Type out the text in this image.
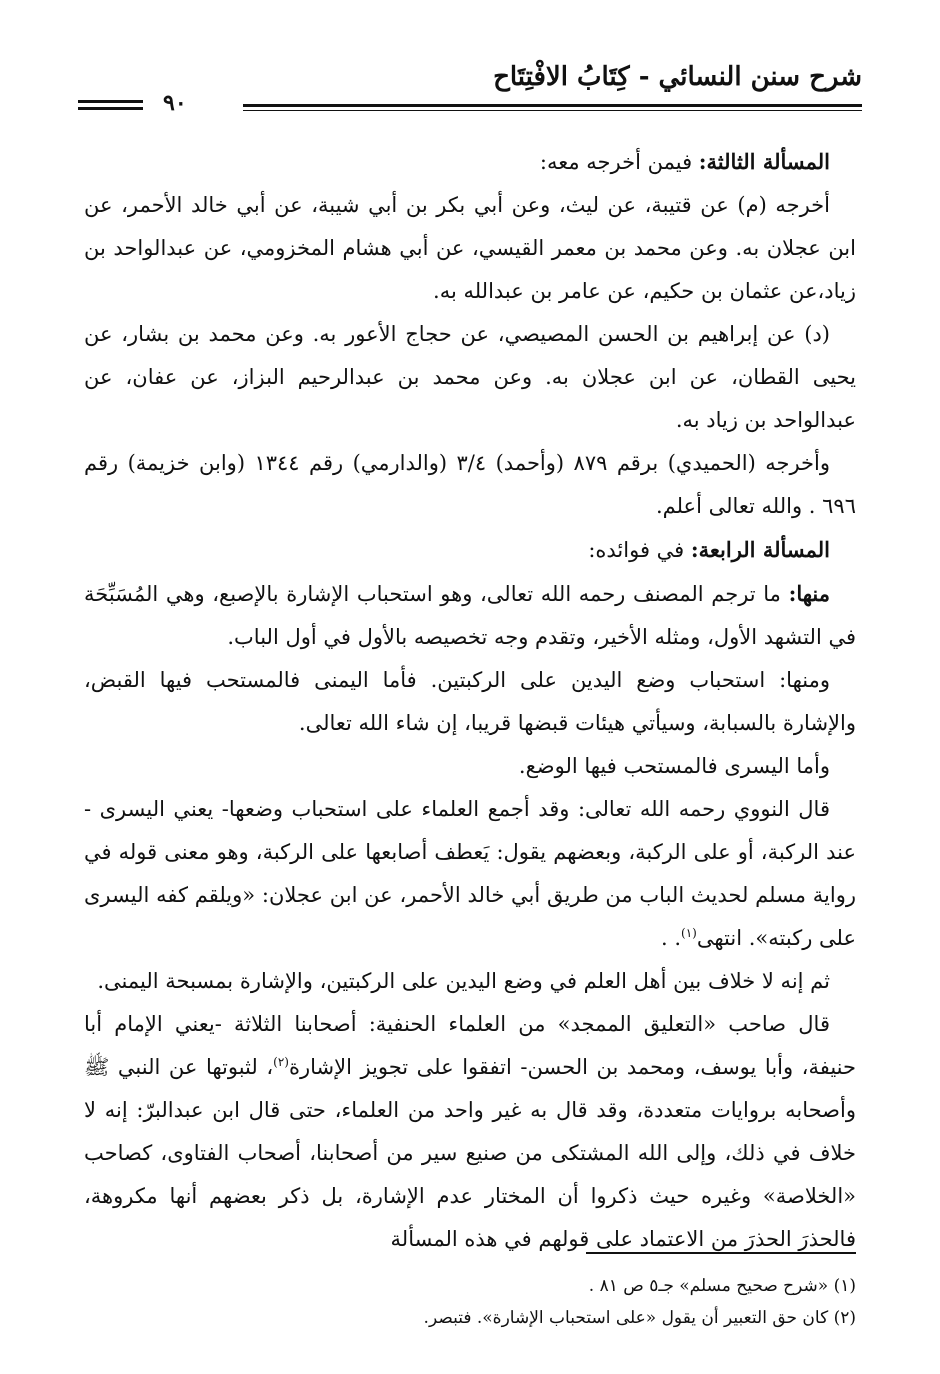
شرح سنن النسائي - كِتَابُ الافْتِتَاح
٩٠

المسألة الثالثة: فيمن أخرجه معه:

أخرجه (م) عن قتيبة، عن ليث، وعن أبي بكر بن أبي شيبة، عن أبي خالد الأحمر، عن ابن عجلان به. وعن محمد بن معمر القيسي، عن أبي هشام المخزومي، عن عبدالواحد بن زياد،عن عثمان بن حكيم، عن عامر بن عبدالله به.

(د) عن إبراهيم بن الحسن المصيصي، عن حجاج الأعور به. وعن محمد بن بشار، عن يحيى القطان، عن ابن عجلان به. وعن محمد بن عبدالرحيم البزاز، عن عفان، عن عبدالواحد بن زياد به.

وأخرجه (الحميدي) برقم ٨٧٩ (وأحمد) ٣/٤ (والدارمي) رقم ١٣٤٤ (وابن خزيمة) رقم ٦٩٦ . والله تعالى أعلم.

المسألة الرابعة: في فوائده:

منها: ما ترجم المصنف رحمه الله تعالى، وهو استحباب الإشارة بالإصبع، وهي المُسَبِّحَة في التشهد الأول، ومثله الأخير، وتقدم وجه تخصيصه بالأول في أول الباب.

ومنها: استحباب وضع اليدين على الركبتين. فأما اليمنى فالمستحب فيها القبض، والإشارة بالسبابة، وسيأتي هيئات قبضها قريبا، إن شاء الله تعالى.

وأما اليسرى فالمستحب فيها الوضع.

قال النووي رحمه الله تعالى: وقد أجمع العلماء على استحباب وضعها- يعني اليسرى - عند الركبة، أو على الركبة، وبعضهم يقول: يَعطف أصابعها على الركبة، وهو معنى قوله في رواية مسلم لحديث الباب من طريق أبي خالد الأحمر، عن ابن عجلان: «ويلقم كفه اليسرى على ركبته». انتهى$^{(١)}$. .

ثم إنه لا خلاف بين أهل العلم في وضع اليدين على الركبتين، والإشارة بمسبحة اليمنى.

قال صاحب «التعليق الممجد» من العلماء الحنفية: أصحابنا الثلاثة -يعني الإمام أبا حنيفة، وأبا يوسف، ومحمد بن الحسن- اتفقوا على تجويز الإشارة$^{(٢)}$، لثبوتها عن النبي ﷺ وأصحابه بروايات متعددة، وقد قال به غير واحد من العلماء، حتى قال ابن عبدالبرّ: إنه لا خلاف في ذلك، وإلى الله المشتكى من صنيع سير من أصحابنا، أصحاب الفتاوى، كصاحب «الخلاصة» وغيره حيث ذكروا أن المختار عدم الإشارة، بل ذكر بعضهم أنها مكروهة، فالحذرَ الحذرَ من الاعتماد على قولهم في هذه المسألة

(١) «شرح صحيح مسلم» جـ٥ ص ٨١ .

(٢) كان حق التعبير أن يقول «على استحباب الإشارة». فتبصر.
